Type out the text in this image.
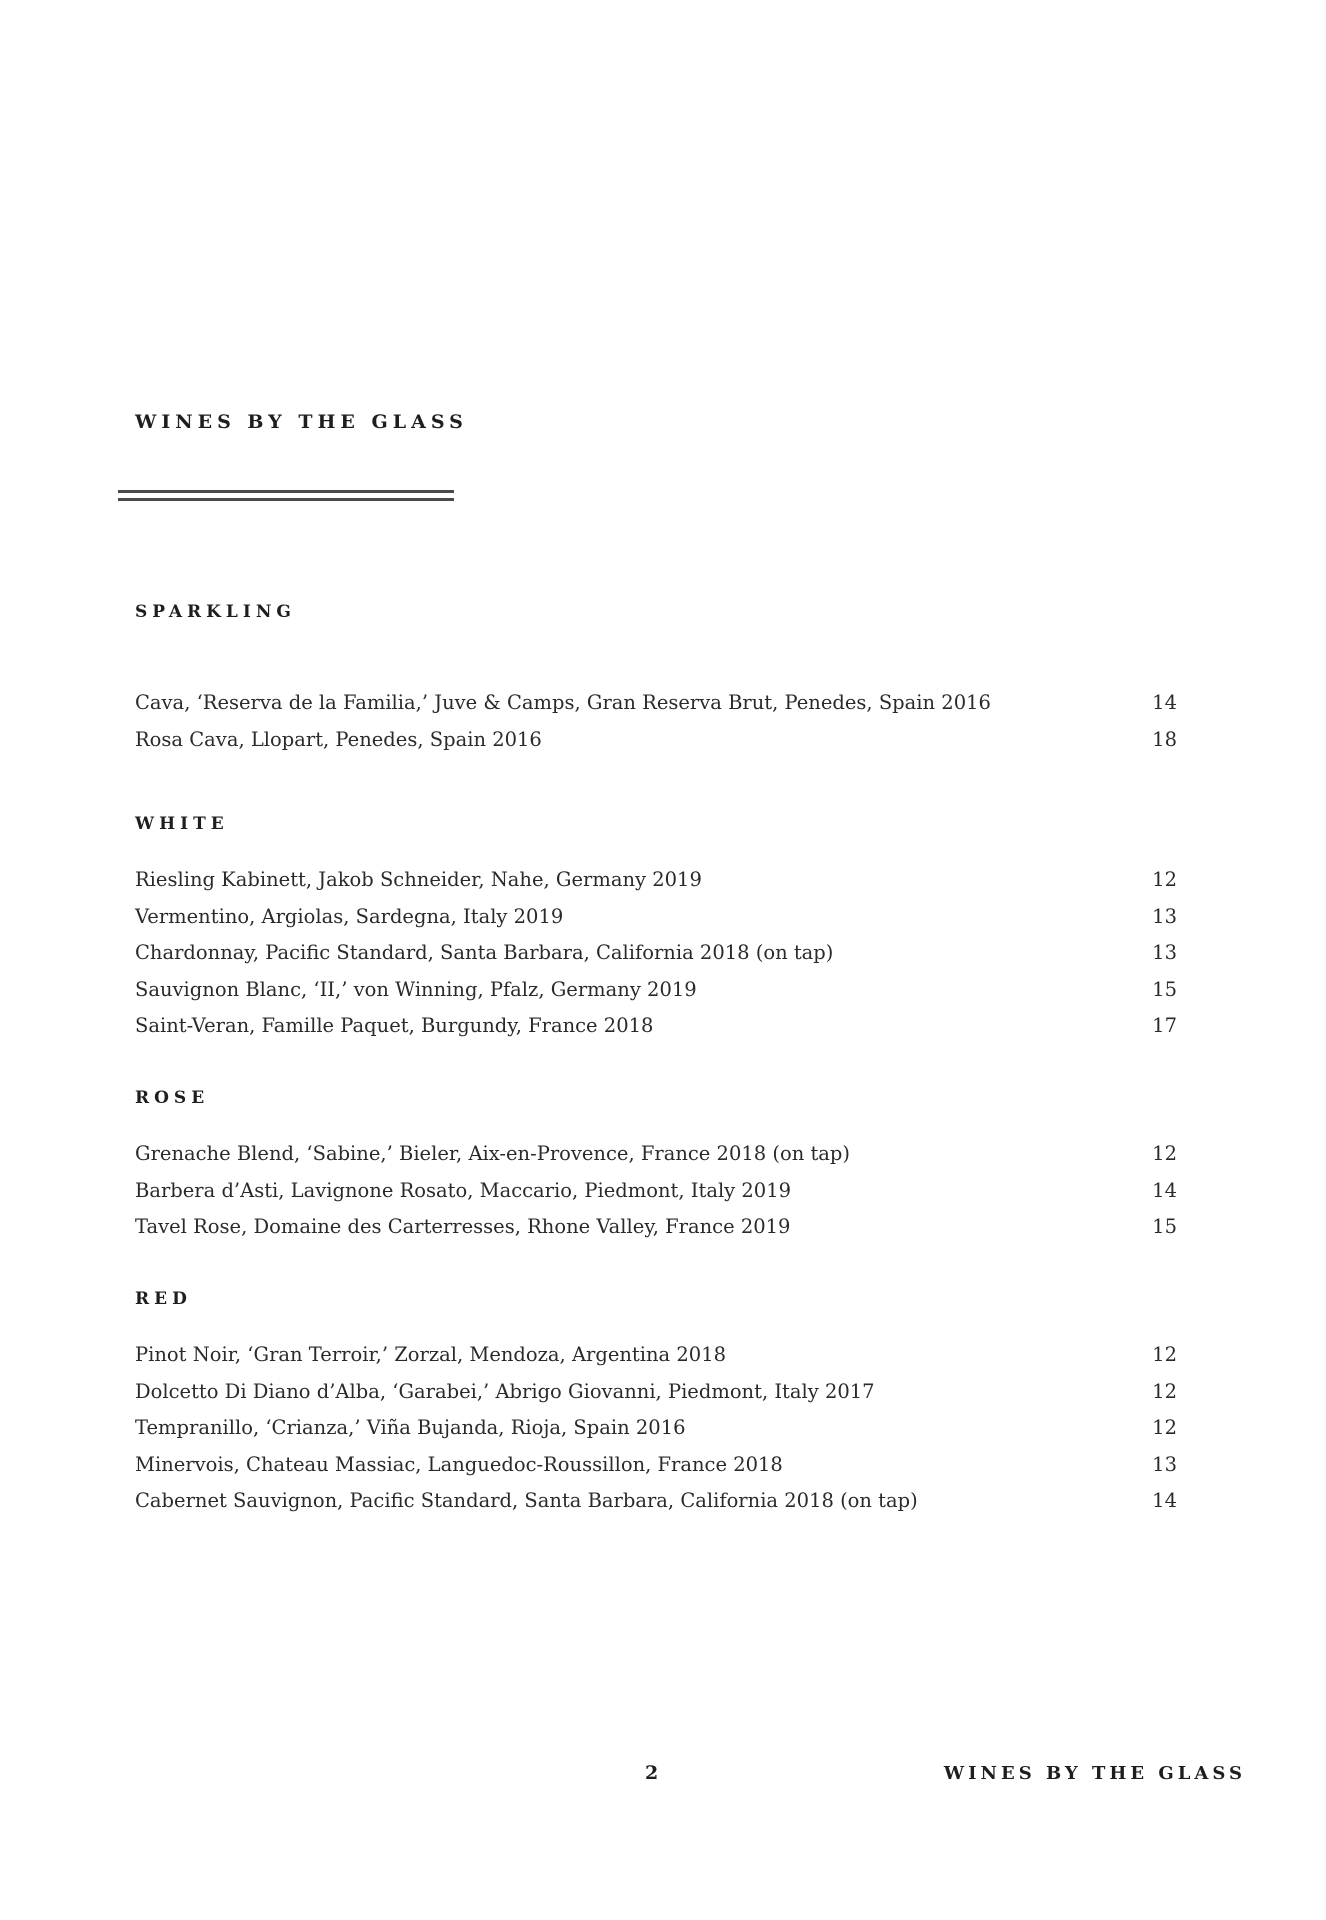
WINES BY THE GLASS
SPARKLING
Cava, ‘Reserva de la Familia,’ Juve & Camps, Gran Reserva Brut, Penedes, Spain 2016	14
Rosa Cava, Llopart, Penedes, Spain 2016	18
WHITE
Riesling Kabinett, Jakob Schneider, Nahe, Germany 2019	12
Vermentino, Argiolas, Sardegna, Italy 2019	13
Chardonnay, Pacific Standard, Santa Barbara, California 2018 (on tap)	13
Sauvignon Blanc, ‘II,’ von Winning, Pfalz, Germany 2019	15
Saint-Veran, Famille Paquet, Burgundy, France 2018	17
ROSE
Grenache Blend, ‘Sabine,’ Bieler, Aix-en-Provence, France 2018 (on tap)	12
Barbera d’Asti, Lavignone Rosato, Maccario, Piedmont, Italy 2019	14
Tavel Rose, Domaine des Carterresses, Rhone Valley, France 2019	15
RED
Pinot Noir, ‘Gran Terroir,’ Zorzal, Mendoza, Argentina 2018	12
Dolcetto Di Diano d’Alba, ‘Garabei,’ Abrigo Giovanni, Piedmont, Italy 2017	12
Tempranillo, ‘Crianza,’ Viña Bujanda, Rioja, Spain 2016	12
Minervois, Chateau Massiac, Languedoc-Roussillon, France 2018	13
Cabernet Sauvignon, Pacific Standard, Santa Barbara, California 2018 (on tap)	14
2	WINES BY THE GLASS
